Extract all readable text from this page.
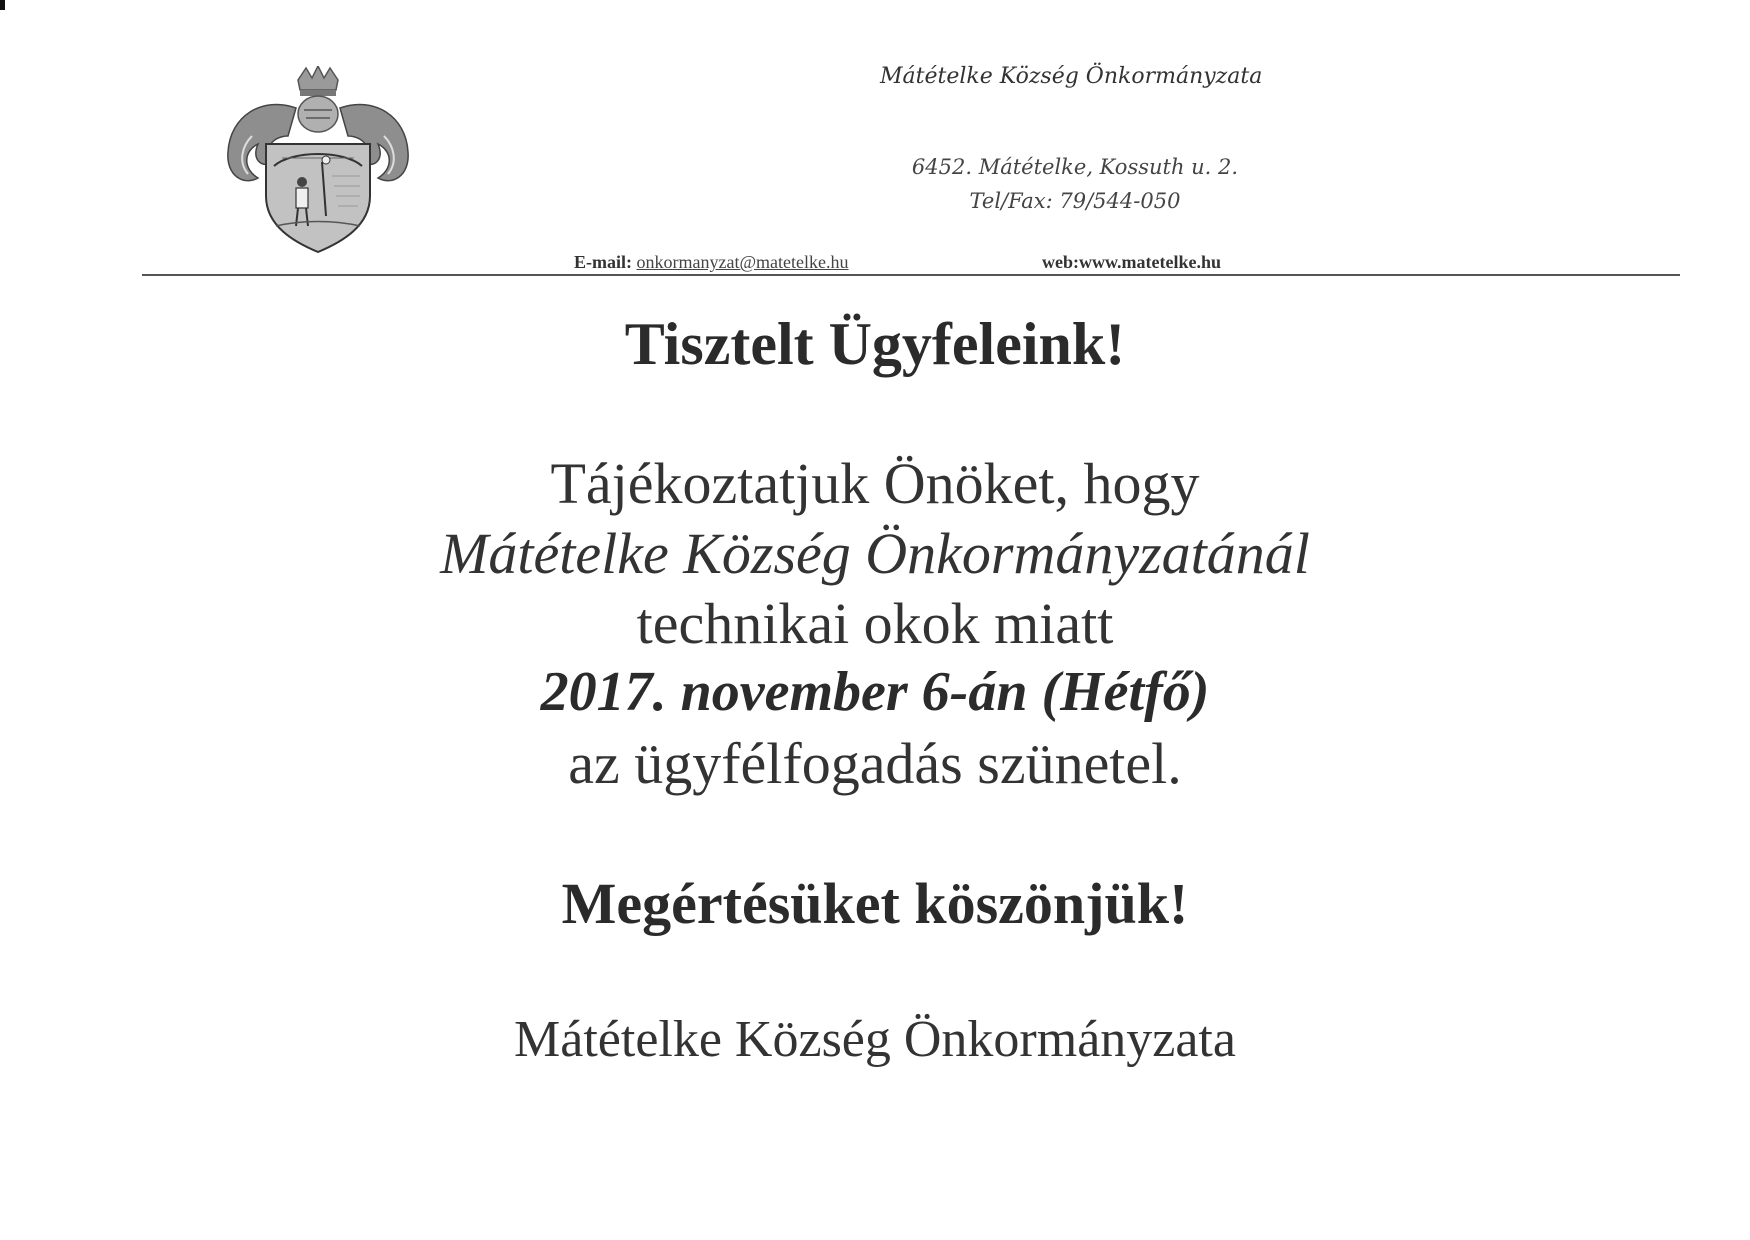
Mátételke Község Önkormányzata
6452. Mátételke, Kossuth u. 2.
Tel/Fax: 79/544-050
E-mail: onkormanyzat@matetelke.hu	web:www.matetelke.hu
Tisztelt Ügyfeleink!
Tájékoztatjuk Önöket, hogy
Mátételke Község Önkormányzatánál
technikai okok miatt
2017. november 6-án (Hétfő)
az ügyfélfogadás szünetel.
Megértésüket köszönjük!
Mátételke Község Önkormányzata
